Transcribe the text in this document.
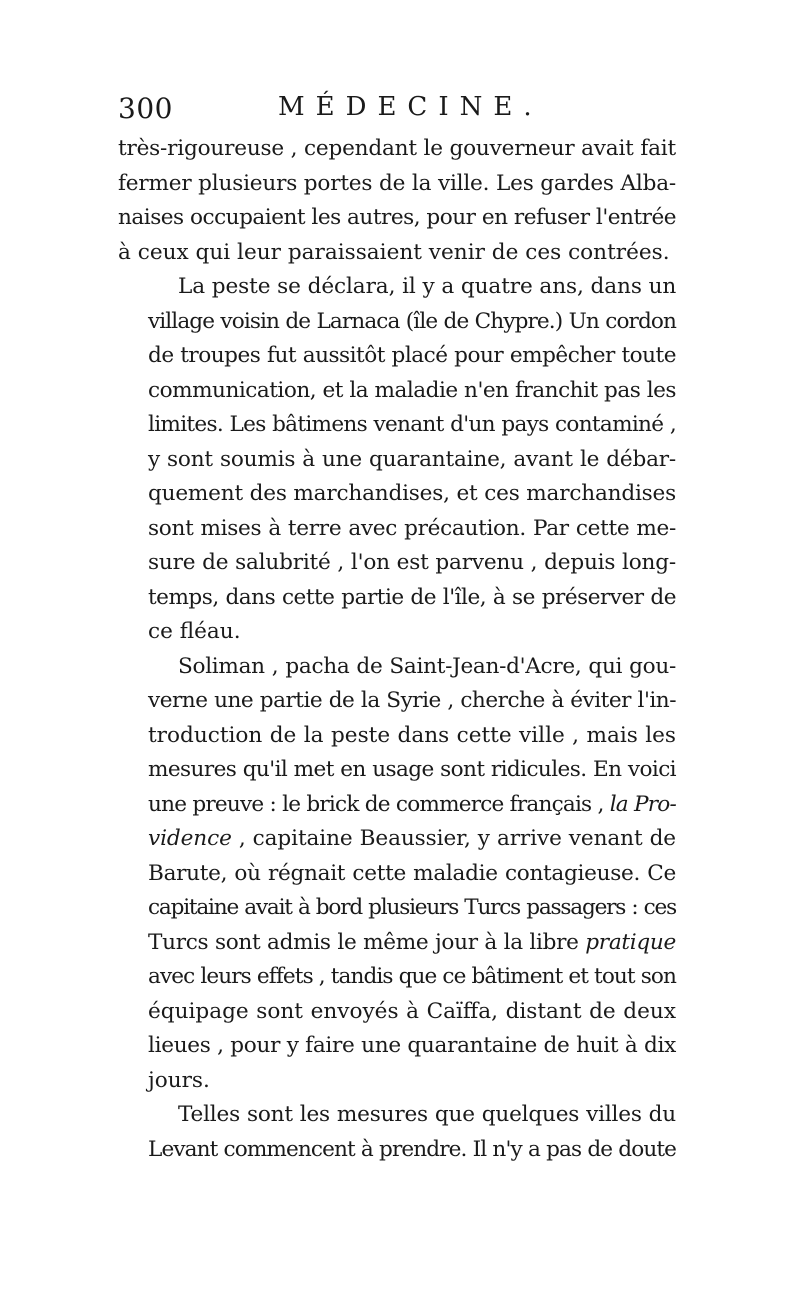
300	MÉDECINE.

très-rigoureuse , cependant le gouverneur avait fait
fermer plusieurs portes de la ville. Les gardes Alba-
naises occupaient les autres, pour en refuser l'entrée
à ceux qui leur paraissaient venir de ces contrées.

La peste se déclara, il y a quatre ans, dans un
village voisin de Larnaca (île de Chypre.) Un cordon
de troupes fut aussitôt placé pour empêcher toute
communication, et la maladie n'en franchit pas les
limites. Les bâtimens venant d'un pays contaminé ,
y sont soumis à une quarantaine, avant le débar-
quement des marchandises, et ces marchandises
sont mises à terre avec précaution. Par cette me-
sure de salubrité , l'on est parvenu , depuis long-
temps, dans cette partie de l'île, à se préserver de
ce fléau.

Soliman , pacha de Saint-Jean-d'Acre, qui gou-
verne une partie de la Syrie , cherche à éviter l'in-
troduction de la peste dans cette ville , mais les
mesures qu'il met en usage sont ridicules. En voici
une preuve : le brick de commerce français , la Pro-
vidence , capitaine Beaussier, y arrive venant de
Barute, où régnait cette maladie contagieuse. Ce
capitaine avait à bord plusieurs Turcs passagers : ces
Turcs sont admis le même jour à la libre pratique
avec leurs effets , tandis que ce bâtiment et tout son
équipage sont envoyés à Caïffa, distant de deux
lieues , pour y faire une quarantaine de huit à dix
jours.

Telles sont les mesures que quelques villes du
Levant commencent à prendre. Il n'y a pas de doute
